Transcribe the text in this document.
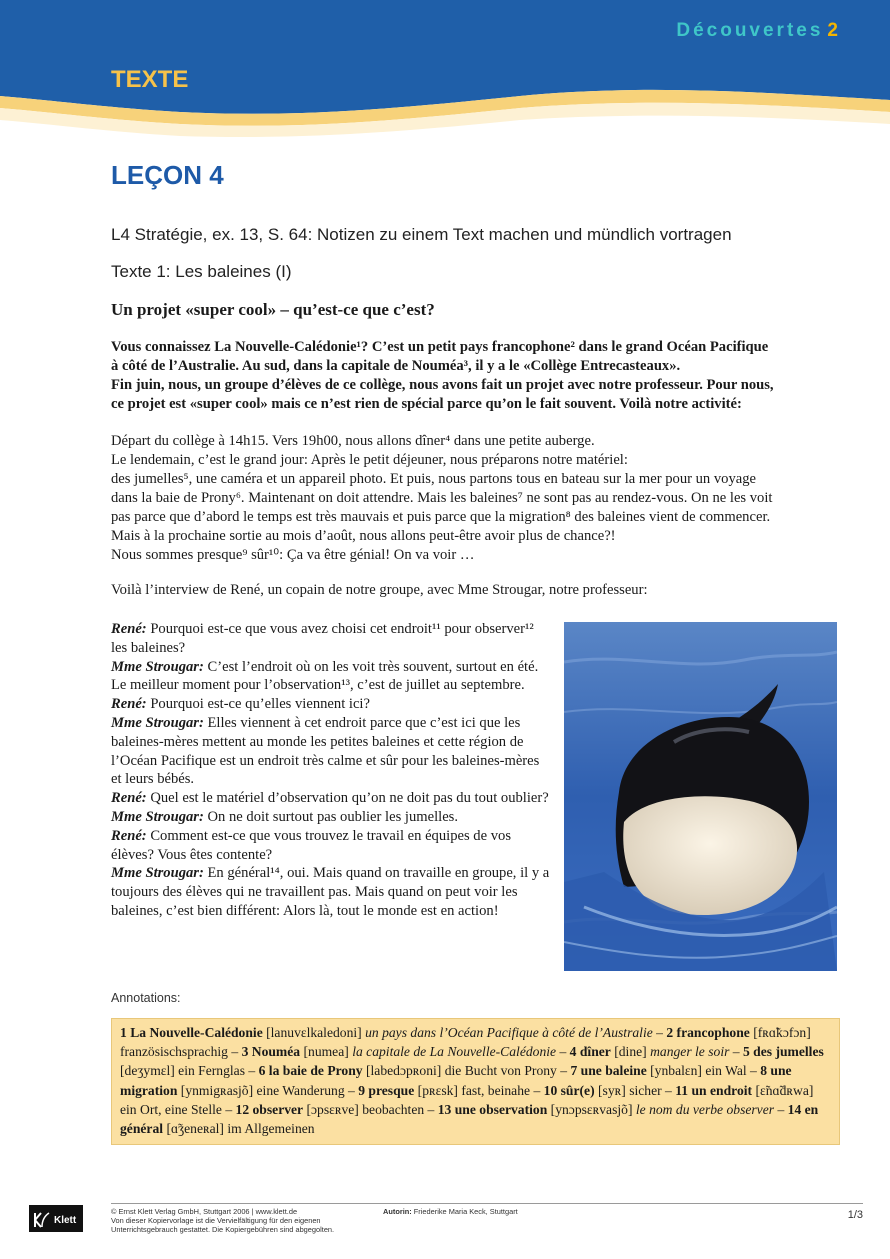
Découvertes 2
TEXTE
LEÇON 4
L4 Stratégie, ex. 13, S. 64: Notizen zu einem Text machen und mündlich vortragen
Texte 1: Les baleines (I)
Un projet «super cool» – qu’est-ce que c’est?
Vous connaissez La Nouvelle-Calédonie¹? C’est un petit pays francophone² dans le grand Océan Pacifique
à côté de l’Australie. Au sud, dans la capitale de Nouméa³, il y a le «Collège Entrecasteaux».
Fin juin, nous, un groupe d’élèves de ce collège, nous avons fait un projet avec notre professeur. Pour nous,
ce projet est «super cool» mais ce n’est rien de spécial parce qu’on le fait souvent. Voilà notre activité:

Départ du collège à 14h15. Vers 19h00, nous allons dîner⁴ dans une petite auberge.

Le lendemain, c’est le grand jour: Après le petit déjeuner, nous préparons notre matériel:

des jumelles⁵, une caméra et un appareil photo. Et puis, nous partons tous en bateau sur la mer pour un voyage

dans la baie de Prony⁶. Maintenant on doit attendre. Mais les baleines⁷ ne sont pas au rendez-vous. On ne les voit

pas parce que d’abord le temps est très mauvais et puis parce que la migration⁸ des baleines vient de commencer.

Mais à la prochaine sortie au mois d’août, nous allons peut-être avoir plus de chance?!

Nous sommes presque⁹ sûr¹⁰: Ça va être génial! On va voir …

Voilà l’interview de René, un copain de notre groupe, avec Mme Strougar, notre professeur:

René: Pourquoi est-ce que vous avez choisi cet endroit¹¹ pour observer¹² les baleines?

Mme Strougar: C’est l’endroit où on les voit très souvent, surtout en été. Le meilleur moment pour l’observation¹³, c’est de juillet au septembre.

René: Pourquoi est-ce qu’elles viennent ici?

Mme Strougar: Elles viennent à cet endroit parce que c’est ici que les baleines-mères mettent au monde les petites baleines et cette région de l’Océan Pacifique est un endroit très calme et sûr pour les baleines-mères et leurs bébés.

René: Quel est le matériel d’observation qu’on ne doit pas du tout oublier?

Mme Strougar: On ne doit surtout pas oublier les jumelles.

René: Comment est-ce que vous trouvez le travail en équipes de vos élèves? Vous êtes contente?

Mme Strougar: En général¹⁴, oui. Mais quand on travaille en groupe, il y a toujours des élèves qui ne travaillent pas. Mais quand on peut voir les baleines, c’est bien différent: Alors là, tout le monde est en action!

Annotations:
1 La Nouvelle-Calédonie [lanuvɛlkaledoni] un pays dans l’Océan Pacifique à côté de l’Australie – 2 francophone [fʀɑ̃kɔfɔn] französischsprachig – 3 Nouméa [numea] la capitale de La Nouvelle-Calédonie – 4 dîner [dine] manger le soir – 5 des jumelles [deʒymɛl] ein Fernglas – 6 la baie de Prony [labedɔpʀoni] die Bucht von Prony – 7 une baleine [ynbalɛn] ein Wal – 8 une migration [ynmigʀasjõ] eine Wanderung – 9 presque [pʀɛsk] fast, beinahe – 10 sûr(e) [syʀ] sicher – 11 un endroit [ɛ̃nɑ̃dʀwa] ein Ort, eine Stelle – 12 observer [ɔpsɛʀve] beobachten – 13 une observation [ynɔpsɛʀvasjõ] le nom du verbe observer – 14 en général [ɑ̃ʒeneʀal] im Allgemeinen
Klett
© Ernst Klett Verlag GmbH, Stuttgart 2006 | www.klett.de
Von dieser Kopiervorlage ist die Vervielfältigung für den eigenen
Unterrichtsgebrauch gestattet. Die Kopiergebühren sind abgegolten.
Autorin: Friederike Maria Keck, Stuttgart	1/3
